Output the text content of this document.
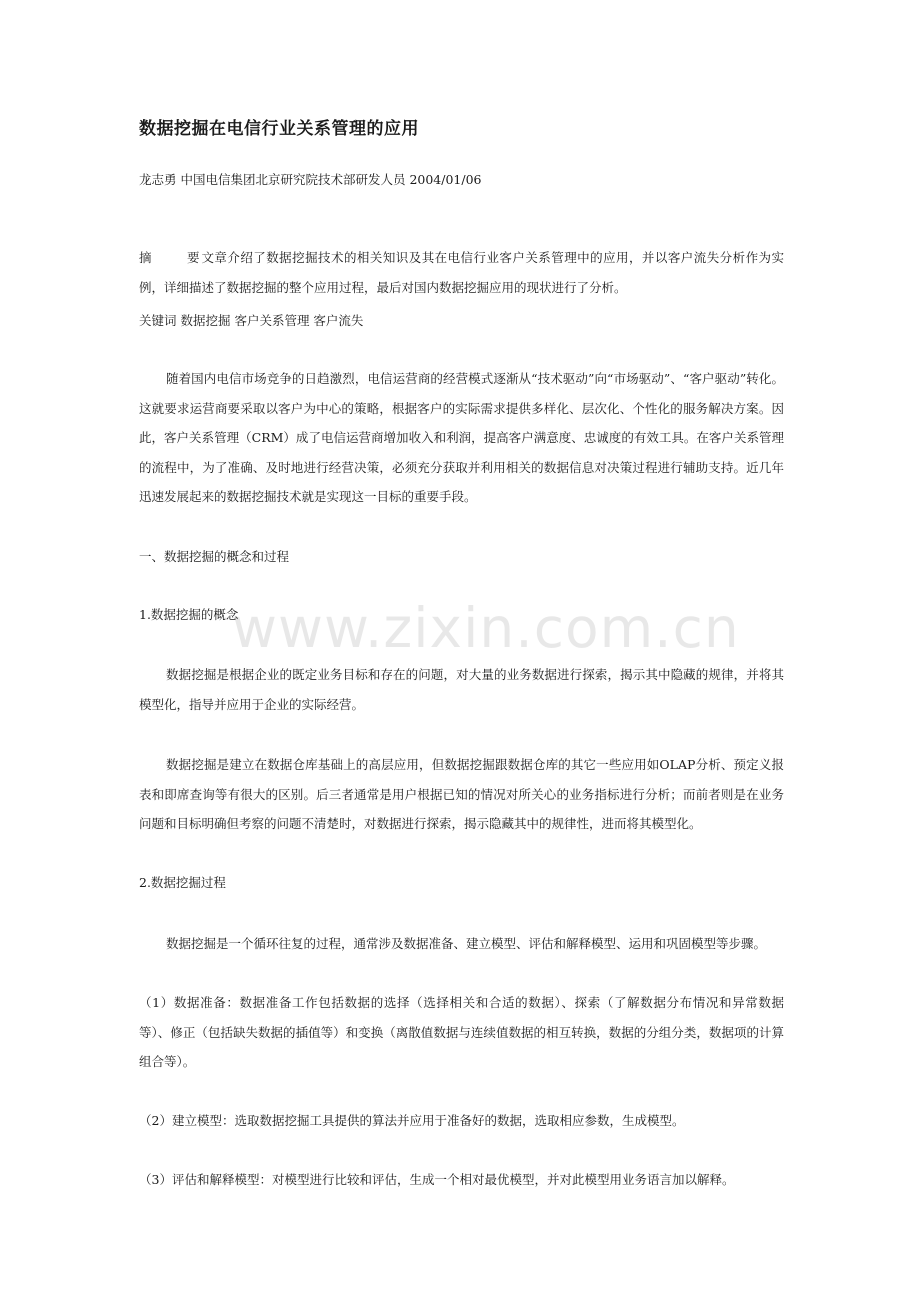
数据挖掘在电信行业关系管理的应用
龙志勇 中国电信集团北京研究院技术部研发人员 2004/01/06
摘	要文章介绍了数据挖掘技术的相关知识及其在电信行业客户关系管理中的应用，并以客户流失分析作为实例，详细描述了数据挖掘的整个应用过程，最后对国内数据挖掘应用的现状进行了分析。
关键词 数据挖掘 客户关系管理 客户流失
随着国内电信市场竞争的日趋激烈，电信运营商的经营模式逐渐从“技术驱动”向“市场驱动”、“客户驱动”转化。这就要求运营商要采取以客户为中心的策略，根据客户的实际需求提供多样化、层次化、个性化的服务解决方案。因此，客户关系管理（CRM）成了电信运营商增加收入和利润，提高客户满意度、忠诚度的有效工具。在客户关系管理的流程中，为了准确、及时地进行经营决策，必须充分获取并利用相关的数据信息对决策过程进行辅助支持。近几年迅速发展起来的数据挖掘技术就是实现这一目标的重要手段。
一、数据挖掘的概念和过程
1.数据挖掘的概念
数据挖掘是根据企业的既定业务目标和存在的问题，对大量的业务数据进行探索，揭示其中隐藏的规律，并将其模型化，指导并应用于企业的实际经营。
数据挖掘是建立在数据仓库基础上的高层应用，但数据挖掘跟数据仓库的其它一些应用如OLAP分析、预定义报表和即席查询等有很大的区别。后三者通常是用户根据已知的情况对所关心的业务指标进行分析；而前者则是在业务问题和目标明确但考察的问题不清楚时，对数据进行探索，揭示隐藏其中的规律性，进而将其模型化。
2.数据挖掘过程
数据挖掘是一个循环往复的过程，通常涉及数据准备、建立模型、评估和解释模型、运用和巩固模型等步骤。
（1）数据准备：数据准备工作包括数据的选择（选择相关和合适的数据）、探索（了解数据分布情况和异常数据等）、修正（包括缺失数据的插值等）和变换（离散值数据与连续值数据的相互转换，数据的分组分类，数据项的计算组合等）。
（2）建立模型：选取数据挖掘工具提供的算法并应用于准备好的数据，选取相应参数，生成模型。
（3）评估和解释模型：对模型进行比较和评估，生成一个相对最优模型，并对此模型用业务语言加以解释。
www.zixin.com.cn
